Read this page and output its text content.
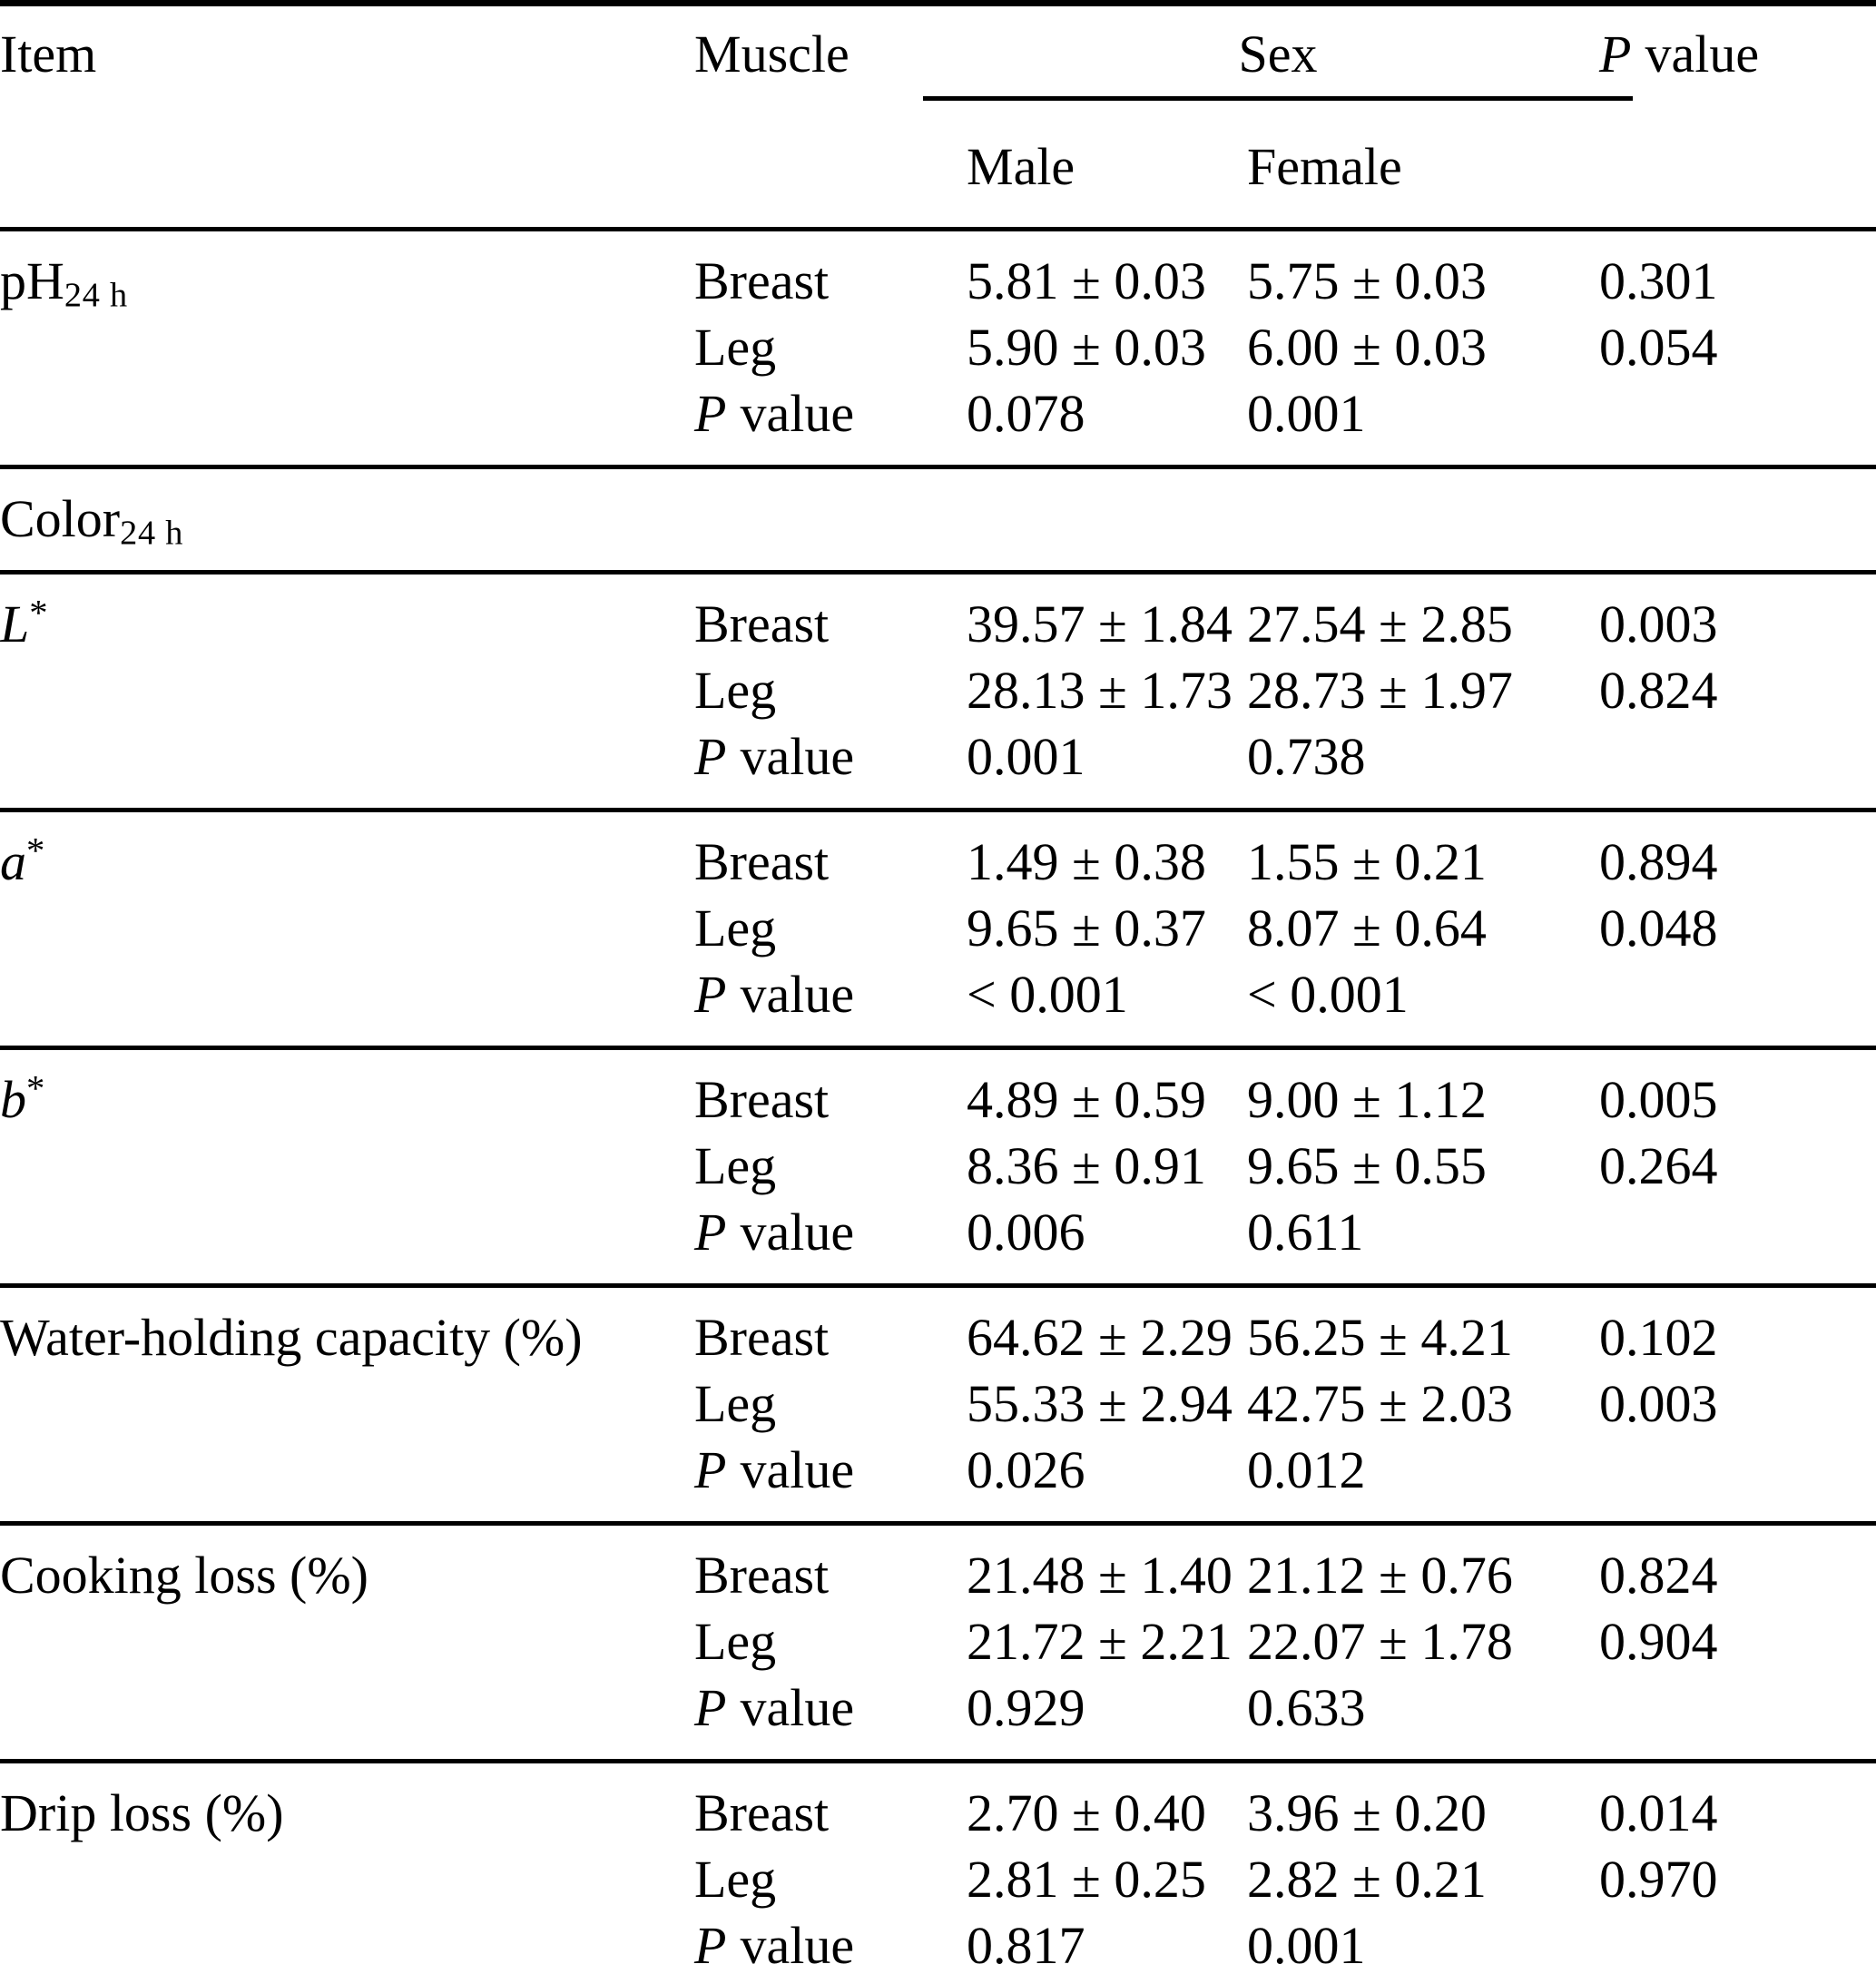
Item	Muscle	Sex		P value
		Male	Female	
$pH_{24 h}$	Breast	5.81 ± 0.03	5.75 ± 0.03	0.301
	Leg	5.90 ± 0.03	6.00 ± 0.03	0.054
	P value	0.078	0.001	
Color$_{24 h}$
L*	Breast	39.57 ± 1.84	27.54 ± 2.85	0.003
	Leg	28.13 ± 1.73	28.73 ± 1.97	0.824
	P value	0.001	0.738	
a*	Breast	1.49 ± 0.38	1.55 ± 0.21	0.894
	Leg	9.65 ± 0.37	8.07 ± 0.64	0.048
	P value	< 0.001	< 0.001	
b*	Breast	4.89 ± 0.59	9.00 ± 1.12	0.005
	Leg	8.36 ± 0.91	9.65 ± 0.55	0.264
	P value	0.006	0.611	
Water-holding capacity (%)	Breast	64.62 ± 2.29	56.25 ± 4.21	0.102
	Leg	55.33 ± 2.94	42.75 ± 2.03	0.003
	P value	0.026	0.012	
Cooking loss (%)	Breast	21.48 ± 1.40	21.12 ± 0.76	0.824
	Leg	21.72 ± 2.21	22.07 ± 1.78	0.904
	P value	0.929	0.633	
Drip loss (%)	Breast	2.70 ± 0.40	3.96 ± 0.20	0.014
	Leg	2.81 ± 0.25	2.82 ± 0.21	0.970
	P value	0.817	0.001	
